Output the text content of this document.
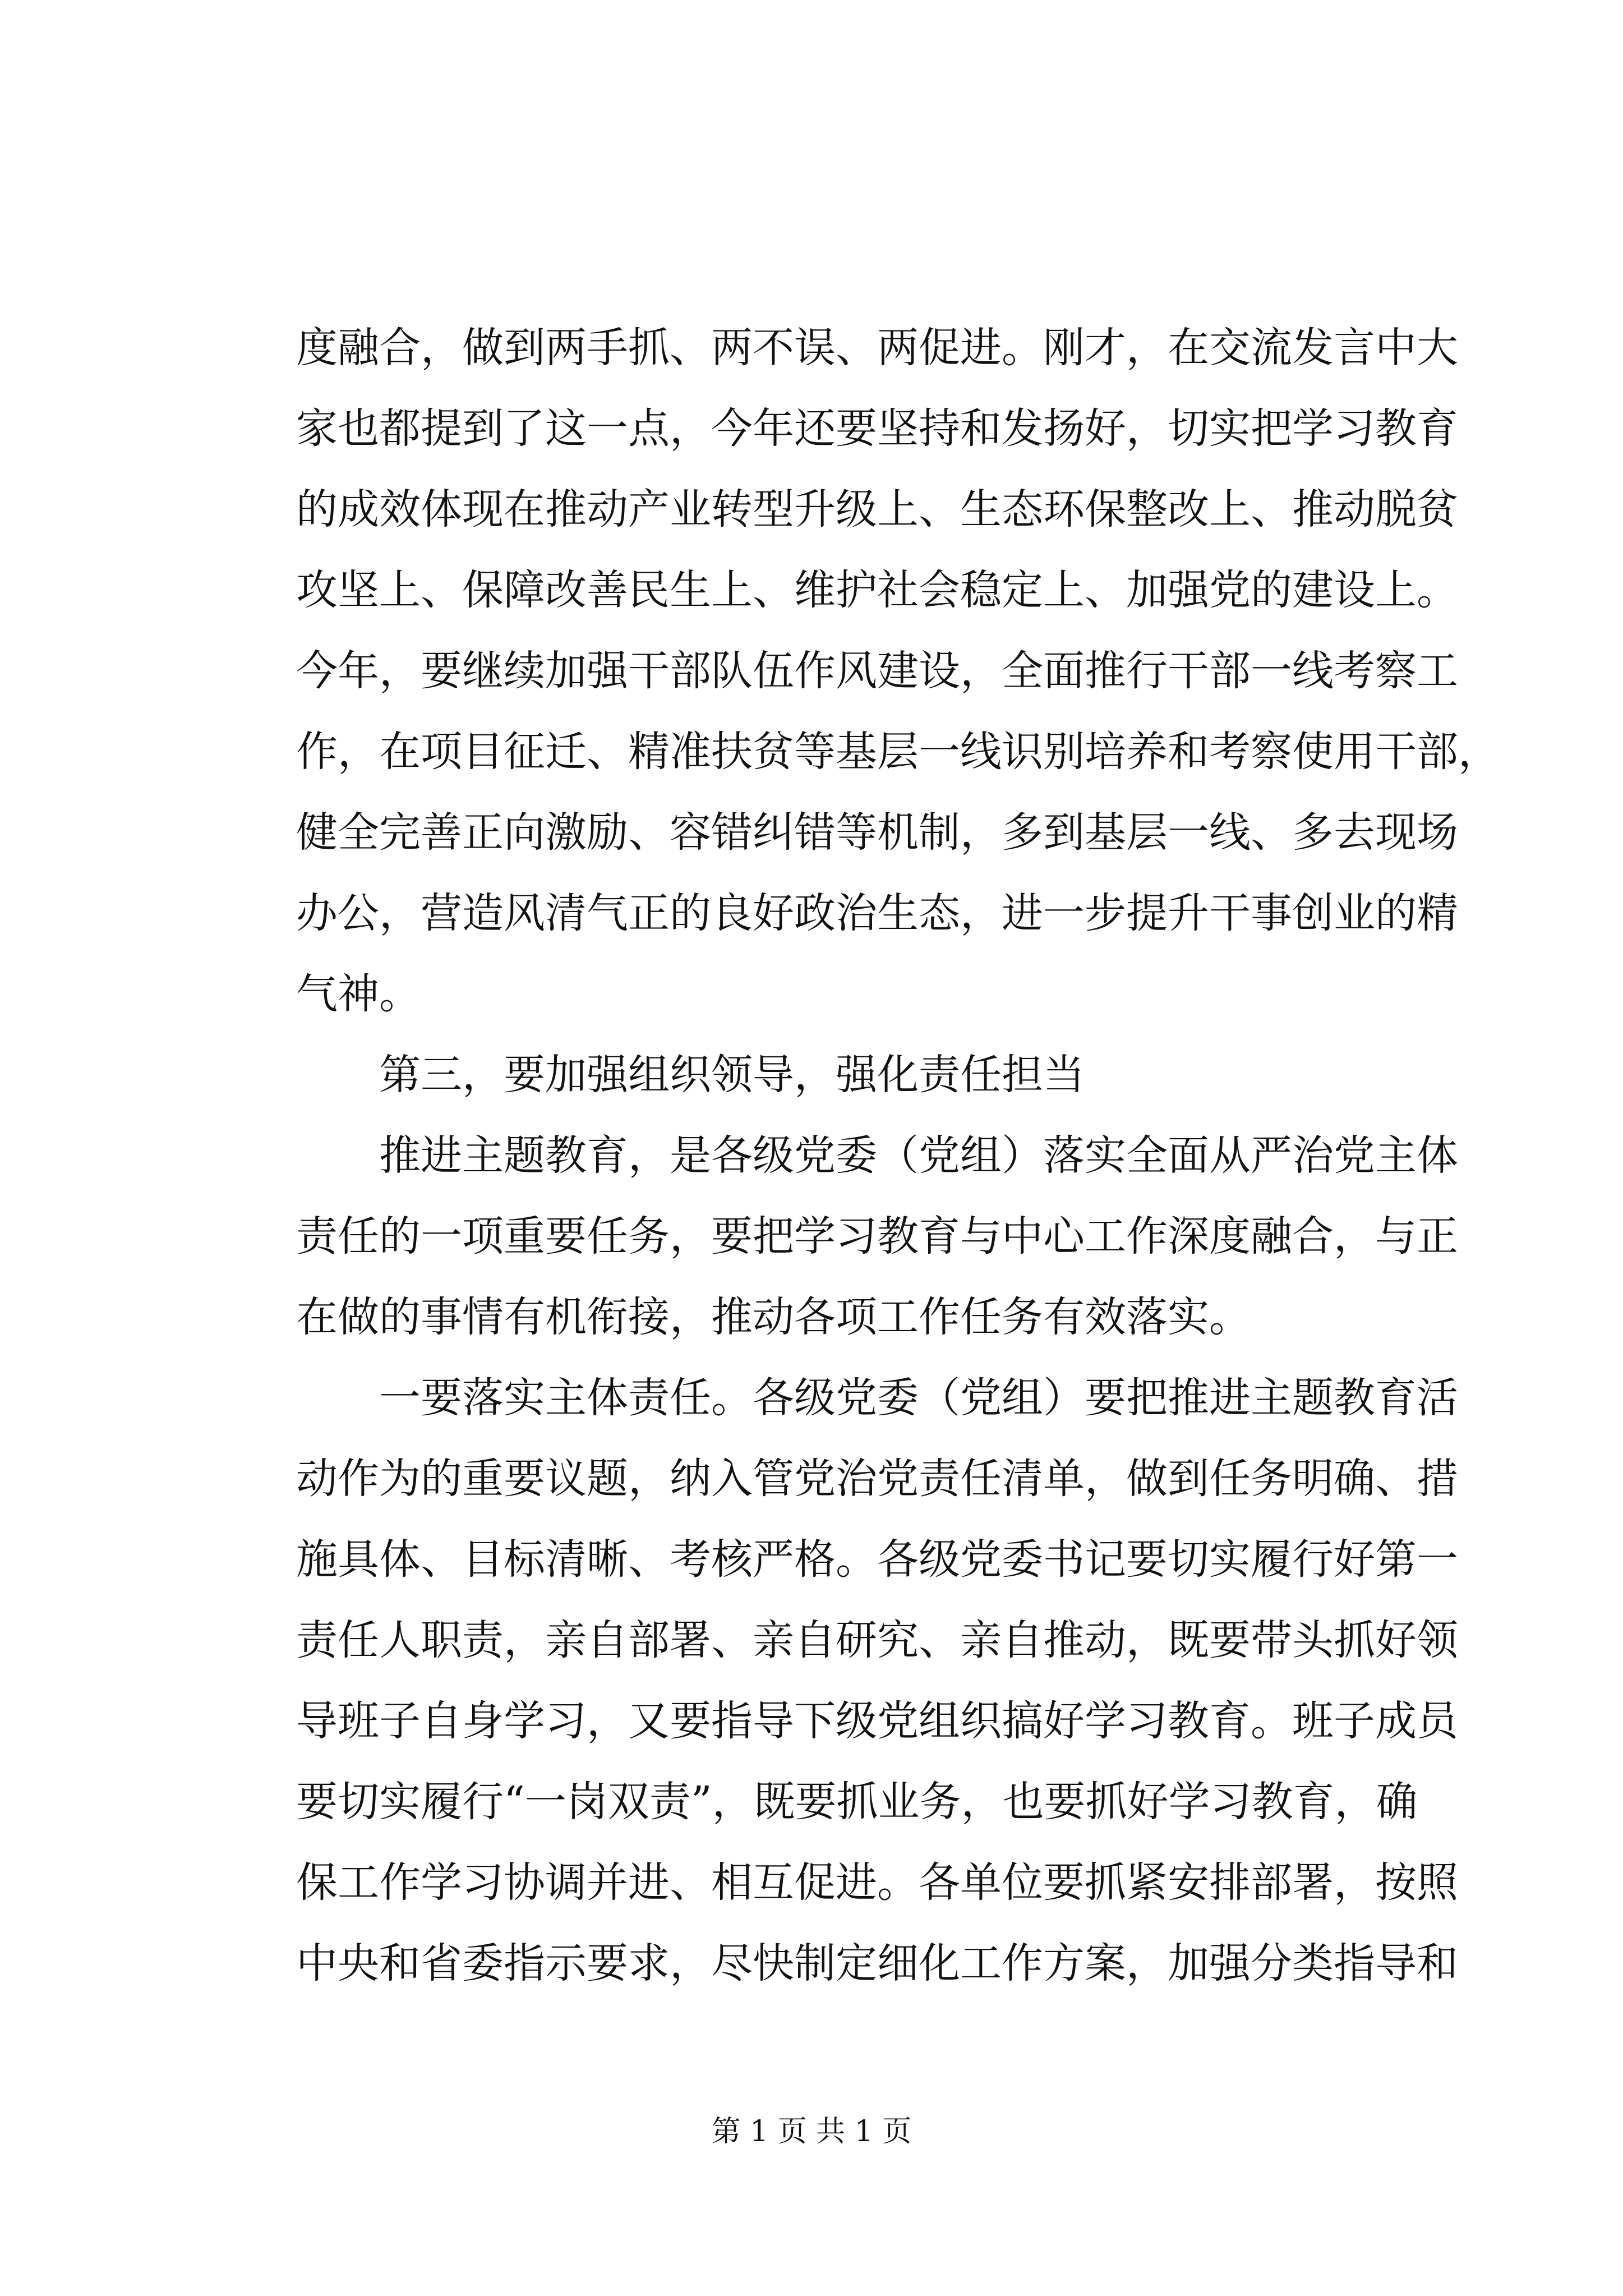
度融合，做到两手抓、两不误、两促进。刚才，在交流发言中大
家也都提到了这一点，今年还要坚持和发扬好，切实把学习教育
的成效体现在推动产业转型升级上、生态环保整改上、推动脱贫
攻坚上、保障改善民生上、维护社会稳定上、加强党的建设上。
今年，要继续加强干部队伍作风建设，全面推行干部一线考察工
作，在项目征迁、精准扶贫等基层一线识别培养和考察使用干部，
健全完善正向激励、容错纠错等机制，多到基层一线、多去现场
办公，营造风清气正的良好政治生态，进一步提升干事创业的精
气神。
第三，要加强组织领导，强化责任担当
推进主题教育，是各级党委（党组）落实全面从严治党主体
责任的一项重要任务，要把学习教育与中心工作深度融合，与正
在做的事情有机衔接，推动各项工作任务有效落实。
一要落实主体责任。各级党委（党组）要把推进主题教育活
动作为的重要议题，纳入管党治党责任清单，做到任务明确、措
施具体、目标清晰、考核严格。各级党委书记要切实履行好第一
责任人职责，亲自部署、亲自研究、亲自推动，既要带头抓好领
导班子自身学习，又要指导下级党组织搞好学习教育。班子成员
要切实履行“一岗双责”，既要抓业务，也要抓好学习教育，确
保工作学习协调并进、相互促进。各单位要抓紧安排部署，按照
中央和省委指示要求，尽快制定细化工作方案，加强分类指导和
第 1 页 共 1 页
